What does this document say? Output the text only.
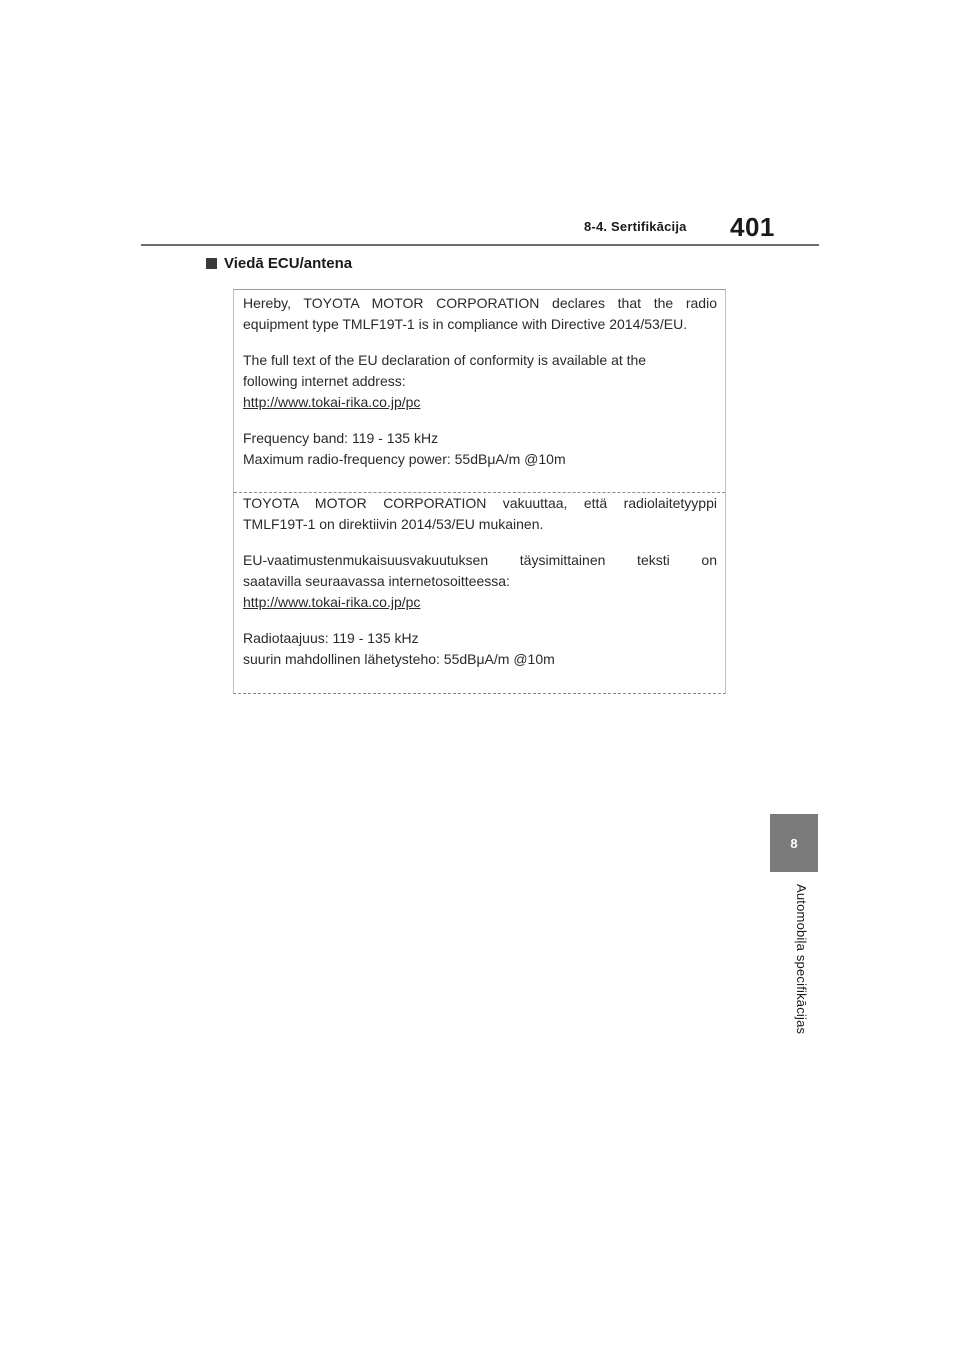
8-4. Sertifikācija 401
Viedā ECU/antena

Hereby, TOYOTA MOTOR CORPORATION declares that the radio

equipment type TMLF19T-1 is in compliance with Directive 2014/53/EU.

The full text of the EU declaration of conformity is available at the

following internet address:

http://www.tokai-rika.co.jp/pc

Frequency band: 119 - 135 kHz

Maximum radio-frequency power: 55dBμA/m @10m

TOYOTA MOTOR CORPORATION vakuuttaa, että radiolaitetyyppi

TMLF19T-1 on direktiivin 2014/53/EU mukainen.

EU-vaatimustenmukaisuusvakuutuksen täysimittainen teksti on

saatavilla seuraavassa internetosoitteessa:

http://www.tokai-rika.co.jp/pc

Radiotaajuus: 119 - 135 kHz

suurin mahdollinen lähetysteho: 55dBμA/m @10m

8
Automobiļa specifikācijas
